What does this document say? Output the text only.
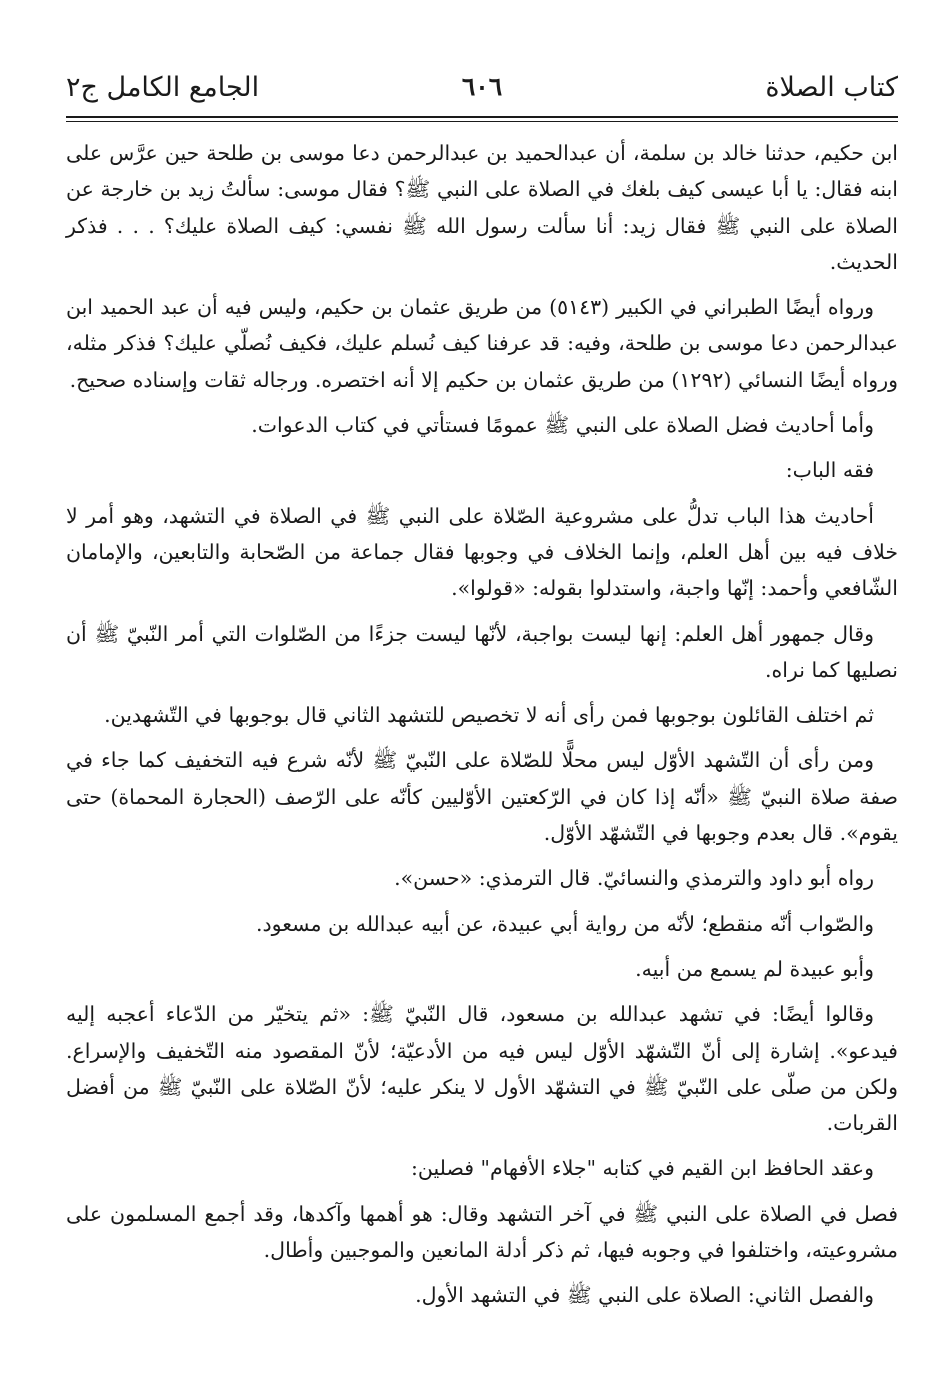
كتاب الصلاة
٦٠٦
الجامع الكامل ج٢

ابن حكيم، حدثنا خالد بن سلمة، أن عبدالحميد بن عبدالرحمن دعا موسى بن طلحة حين عرَّس على ابنه فقال: يا أبا عيسى كيف بلغك في الصلاة على النبي ﷺ؟ فقال موسى: سألتُ زيد بن خارجة عن الصلاة على النبي ﷺ فقال زيد: أنا سألت رسول الله ﷺ نفسي: كيف الصلاة عليك؟ . . . فذكر الحديث.

ورواه أيضًا الطبراني في الكبير (٥١٤٣) من طريق عثمان بن حكيم، وليس فيه أن عبد الحميد ابن عبدالرحمن دعا موسى بن طلحة، وفيه: قد عرفنا كيف نُسلم عليك، فكيف نُصلّي عليك؟ فذكر مثله، ورواه أيضًا النسائي (١٢٩٢) من طريق عثمان بن حكيم إلا أنه اختصره. ورجاله ثقات وإسناده صحيح.

وأما أحاديث فضل الصلاة على النبي ﷺ عمومًا فستأتي في كتاب الدعوات.

فقه الباب:

أحاديث هذا الباب تدلُّ على مشروعية الصّلاة على النبي ﷺ في الصلاة في التشهد، وهو أمر لا خلاف فيه بين أهل العلم، وإنما الخلاف في وجوبها فقال جماعة من الصّحابة والتابعين، والإمامان الشّافعي وأحمد: إنّها واجبة، واستدلوا بقوله: «قولوا».

وقال جمهور أهل العلم: إنها ليست بواجبة، لأنّها ليست جزءًا من الصّلوات التي أمر النّبيّ ﷺ أن نصليها كما نراه.

ثم اختلف القائلون بوجوبها فمن رأى أنه لا تخصيص للتشهد الثاني قال بوجوبها في التّشهدين.

ومن رأى أن التّشهد الأوّل ليس محلًّا للصّلاة على النّبيّ ﷺ لأنّه شرع فيه التخفيف كما جاء في صفة صلاة النبيّ ﷺ «أنّه إذا كان في الرّكعتين الأوّليين كأنّه على الرّصف (الحجارة المحماة) حتى يقوم». قال بعدم وجوبها في التّشهّد الأوّل.

رواه أبو داود والترمذي والنسائيّ. قال الترمذي: «حسن».

والصّواب أنّه منقطع؛ لأنّه من رواية أبي عبيدة، عن أبيه عبدالله بن مسعود.

وأبو عبيدة لم يسمع من أبيه.

وقالوا أيضًا: في تشهد عبدالله بن مسعود، قال النّبيّ ﷺ: «ثم يتخيّر من الدّعاء أعجبه إليه فيدعو». إشارة إلى أنّ التّشهّد الأوّل ليس فيه من الأدعيّة؛ لأنّ المقصود منه التّخفيف والإسراع. ولكن من صلّى على النّبيّ ﷺ في التشهّد الأول لا ينكر عليه؛ لأنّ الصّلاة على النّبيّ ﷺ من أفضل القربات.

وعقد الحافظ ابن القيم في كتابه "جلاء الأفهام" فصلين:

فصل في الصلاة على النبي ﷺ في آخر التشهد وقال: هو أهمها وآكدها، وقد أجمع المسلمون على مشروعيته، واختلفوا في وجوبه فيها، ثم ذكر أدلة المانعين والموجبين وأطال.

والفصل الثاني: الصلاة على النبي ﷺ في التشهد الأول.
